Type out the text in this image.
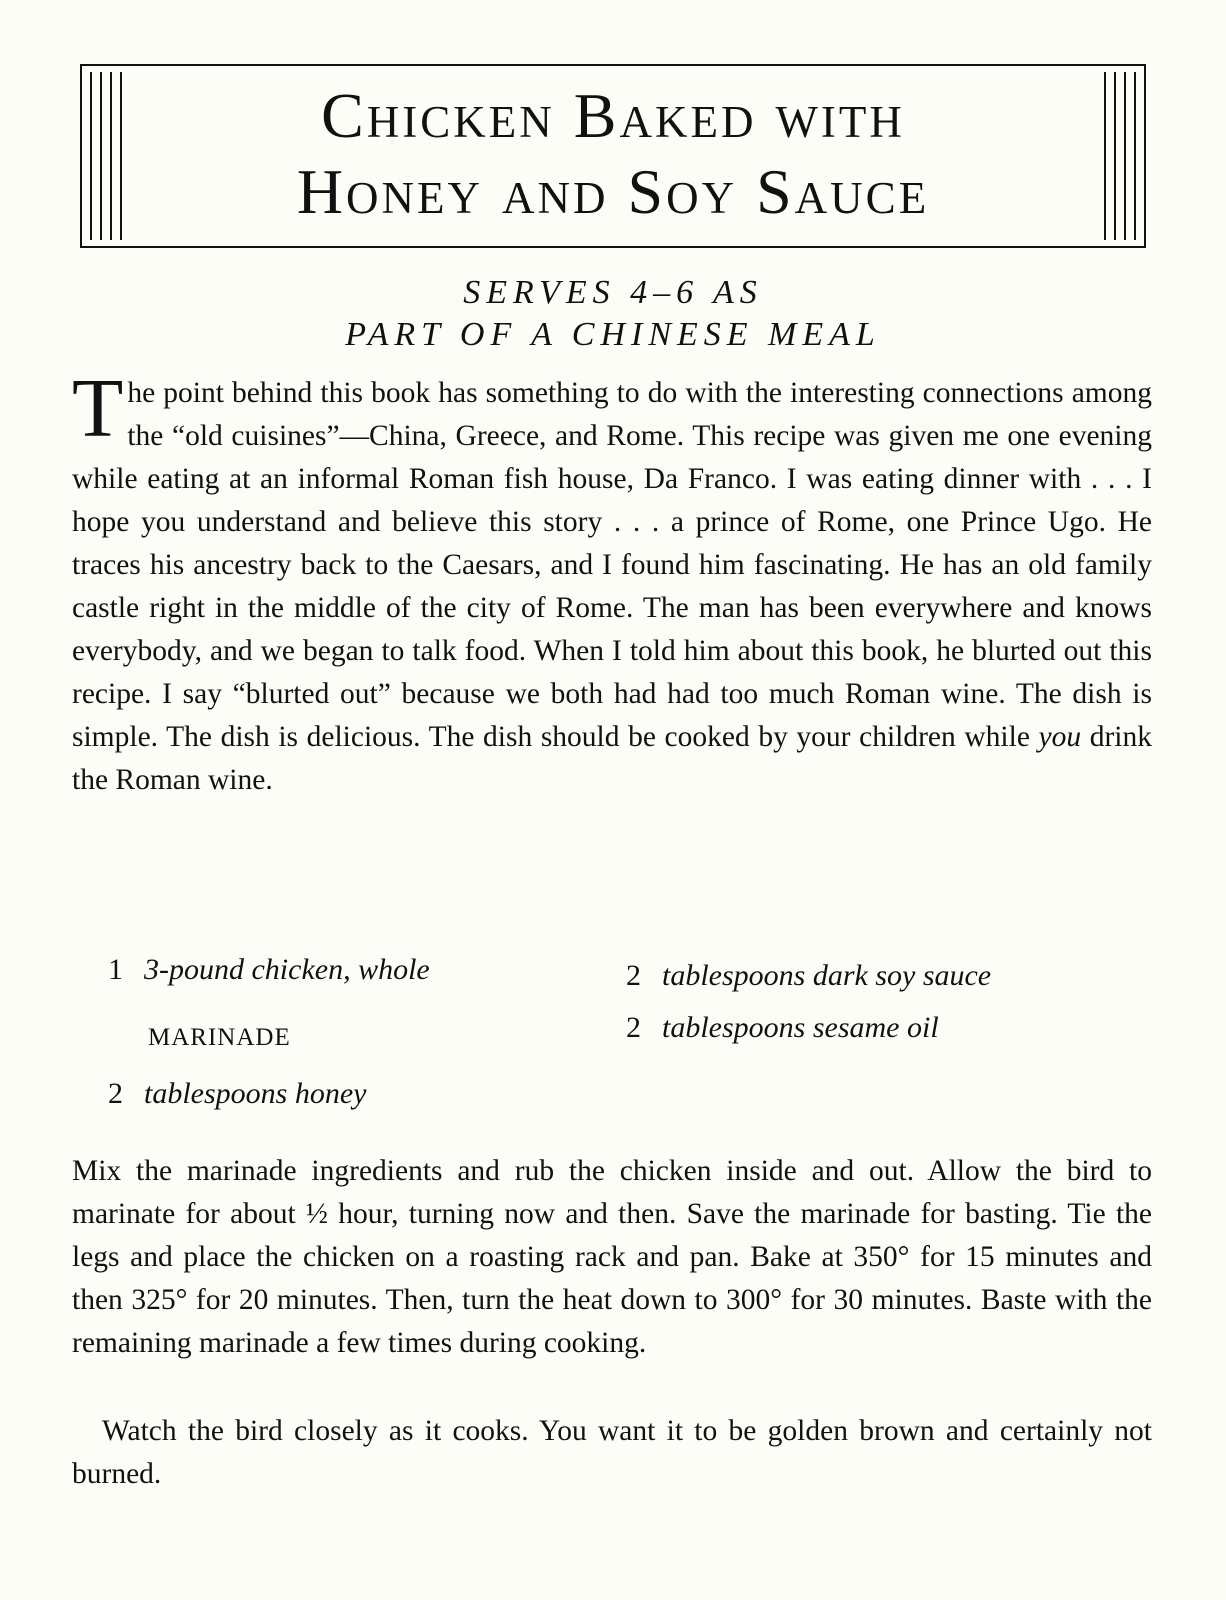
Chicken Baked with
Honey and Soy Sauce
SERVES 4–6 AS
PART OF A CHINESE MEAL

The point behind this book has something to do with the interesting connections among the “old cuisines”—China, Greece, and Rome. This recipe was given me one evening while eating at an informal Roman fish house, Da Franco. I was eating dinner with . . . I hope you understand and believe this story . . . a prince of Rome, one Prince Ugo. He traces his ancestry back to the Caesars, and I found him fascinating. He has an old family castle right in the middle of the city of Rome. The man has been everywhere and knows everybody, and we began to talk food. When I told him about this book, he blurted out this recipe. I say “blurted out” because we both had had too much Roman wine. The dish is simple. The dish is delicious. The dish should be cooked by your children while you drink the Roman wine.

1 3-pound chicken, whole
MARINADE
2 tablespoons honey
2 tablespoons dark soy sauce
2 tablespoons sesame oil

Mix the marinade ingredients and rub the chicken inside and out. Allow the bird to marinate for about ½ hour, turning now and then. Save the marinade for basting. Tie the legs and place the chicken on a roasting rack and pan. Bake at 350° for 15 minutes and then 325° for 20 minutes. Then, turn the heat down to 300° for 30 minutes. Baste with the remaining marinade a few times during cooking.

Watch the bird closely as it cooks. You want it to be golden brown and certainly not burned.
